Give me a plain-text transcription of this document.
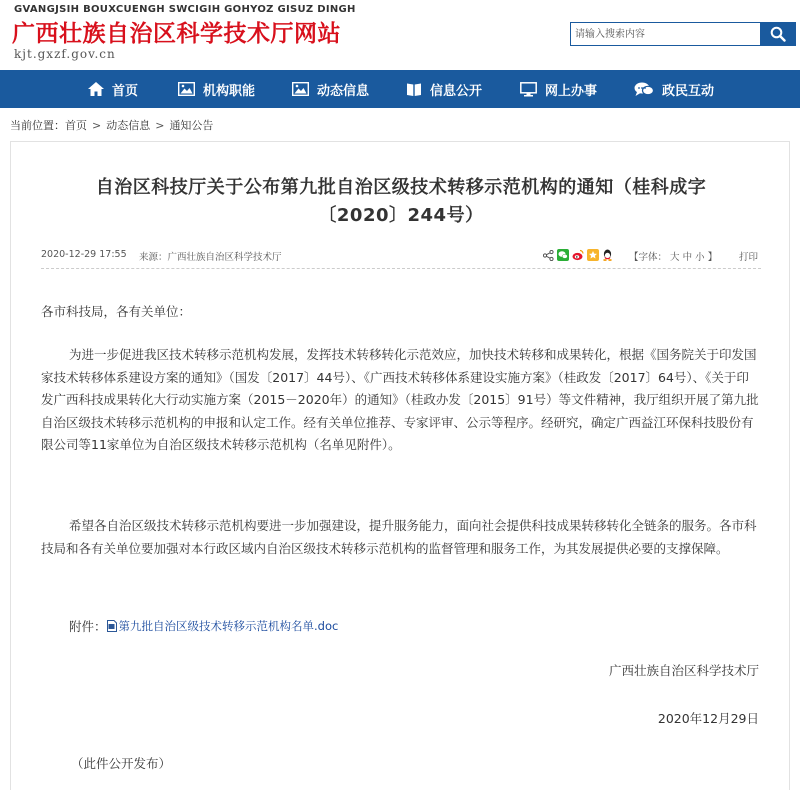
GVANGJSIH BOUXCUENGH SWCIGIH GOHYOZ GISUZ DINGH
广西壮族自治区科学技术厅网站
kjt.gxzf.gov.cn
请输入搜索内容
首页	机构职能	动态信息	信息公开	网上办事	政民互动
当前位置： 首页 > 动态信息 > 通知公告
自治区科技厅关于公布第九批自治区级技术转移示范机构的通知（桂科成字
〔2020〕244号）
2020-12-29 17:55 来源：广西壮族自治区科学技术厅	【字体： 大 中 小 】 打印
各市科技局，各有关单位：
为进一步促进我区技术转移示范机构发展，发挥技术转移转化示范效应，加快技术转移和成果转化，根据《国务院关于印发国家技术转移体系建设方案的通知》（国发〔2017〕44号）、《广西技术转移体系建设实施方案》（桂政发〔2017〕64号）、《关于印发广西科技成果转化大行动实施方案（2015－2020年）的通知》（桂政办发〔2015〕91号）等文件精神，我厅组织开展了第九批自治区级技术转移示范机构的申报和认定工作。经有关单位推荐、专家评审、公示等程序。经研究，确定广西益江环保科技股份有限公司等11家单位为自治区级技术转移示范机构（名单见附件）。
希望各自治区级技术转移示范机构要进一步加强建设，提升服务能力，面向社会提供科技成果转移转化全链条的服务。各市科技局和各有关单位要加强对本行政区域内自治区级技术转移示范机构的监督管理和服务工作，为其发展提供必要的支撑保障。
附件： 第九批自治区级技术转移示范机构名单.doc
广西壮族自治区科学技术厅
2020年12月29日
（此件公开发布）
